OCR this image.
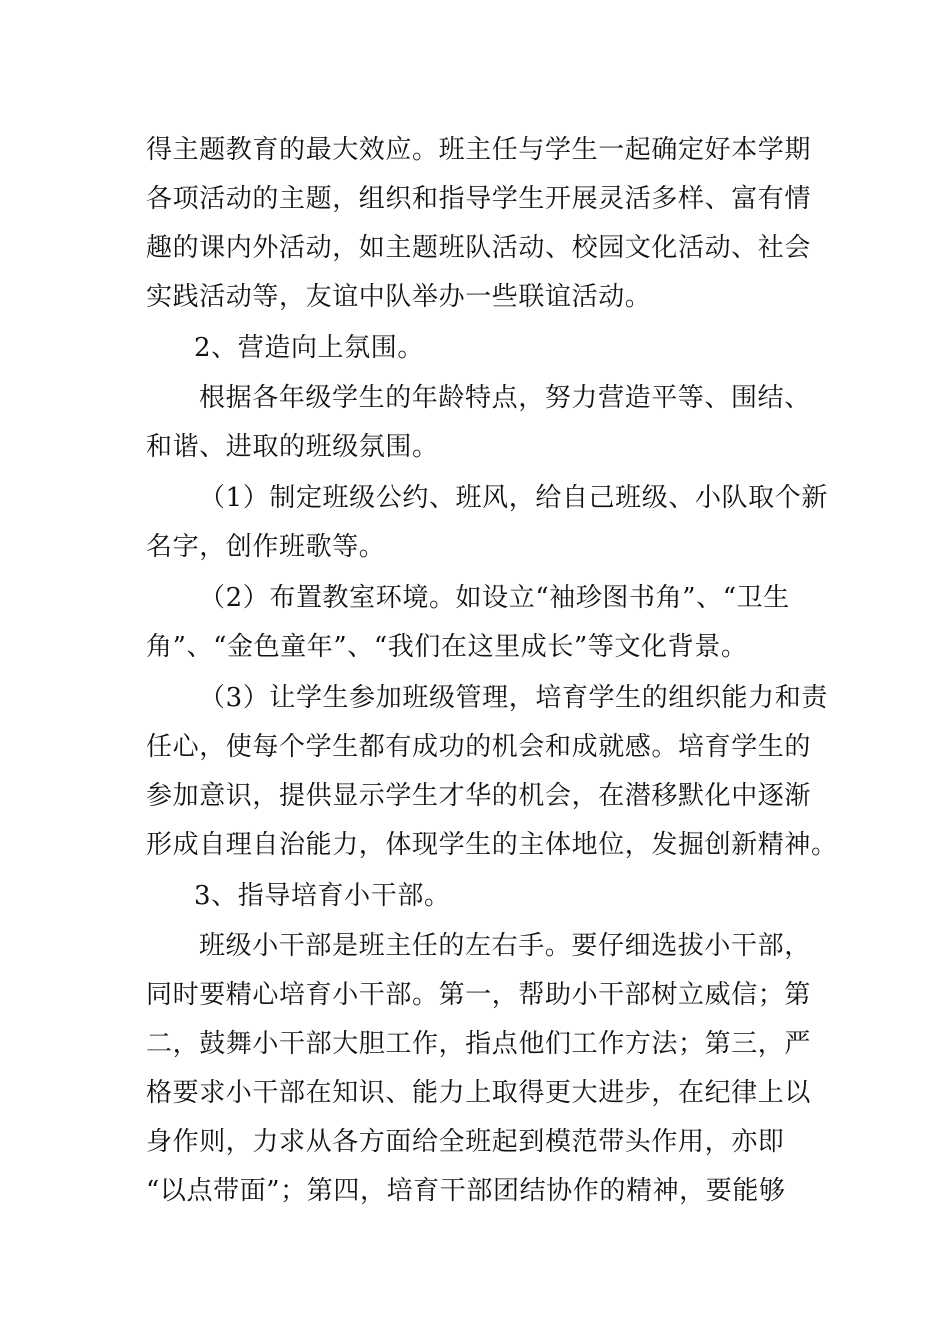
得主题教育的最大效应。班主任与学生一起确定好本学期
各项活动的主题，组织和指导学生开展灵活多样、富有情
趣的课内外活动，如主题班队活动、校园文化活动、社会
实践活动等，友谊中队举办一些联谊活动。
2、营造向上氛围。
根据各年级学生的年龄特点，努力营造平等、围结、
和谐、进取的班级氛围。
（1）制定班级公约、班风，给自己班级、小队取个新
名字，创作班歌等。
（2）布置教室环境。如设立“袖珍图书角”、“卫生
角”、“金色童年”、“我们在这里成长”等文化背景。
（3）让学生参加班级管理，培育学生的组织能力和责
任心，使每个学生都有成功的机会和成就感。培育学生的
参加意识，提供显示学生才华的机会，在潜移默化中逐渐
形成自理自治能力，体现学生的主体地位，发掘创新精神。
3、指导培育小干部。
班级小干部是班主任的左右手。要仔细选拔小干部，
同时要精心培育小干部。第一，帮助小干部树立威信；第
二，鼓舞小干部大胆工作，指点他们工作方法；第三，严
格要求小干部在知识、能力上取得更大进步，在纪律上以
身作则，力求从各方面给全班起到模范带头作用，亦即
“以点带面”；第四，培育干部团结协作的精神，要能够
